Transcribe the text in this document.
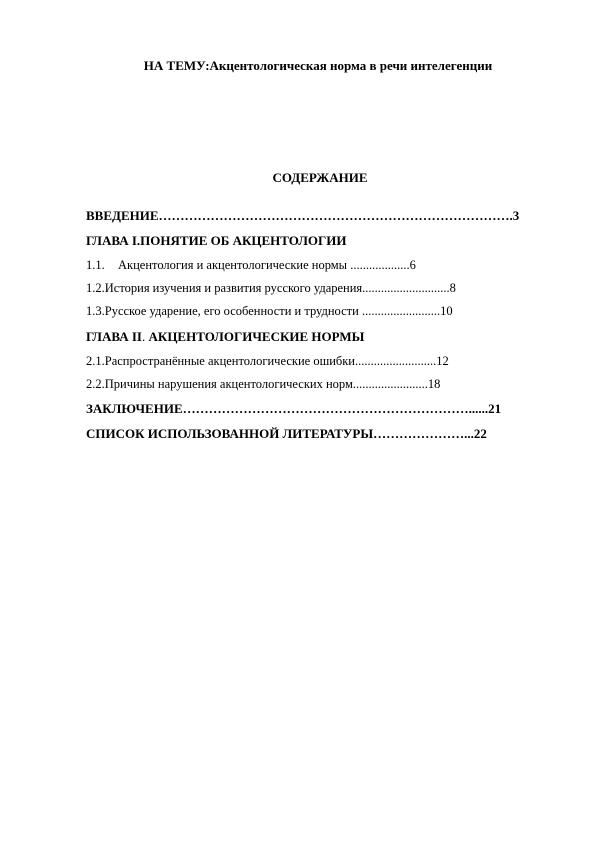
НА ТЕМУ:Акцентологическая норма в речи интелегенции
СОДЕРЖАНИЕ
ВВЕДЕНИЕ……………………………………………………………………….3
ГЛАВА I.ПОНЯТИЕ ОБ АКЦЕНТОЛОГИИ
1.1. Акцентология и акцентологические нормы ...................6
1.2.История изучения и развития русского ударения............................8
1.3.Русское ударение, его особенности и трудности .........................10
ГЛАВА II. АКЦЕНТОЛОГИЧЕСКИЕ НОРМЫ
2.1.Распространённые акцентологические ошибки..........................12
2.2.Причины нарушения акцентологических норм........................18
ЗАКЛЮЧЕНИЕ…………………………………………………………......21
СПИСОК ИСПОЛЬЗОВАННОЙ ЛИТЕРАТУРЫ…………………...22
